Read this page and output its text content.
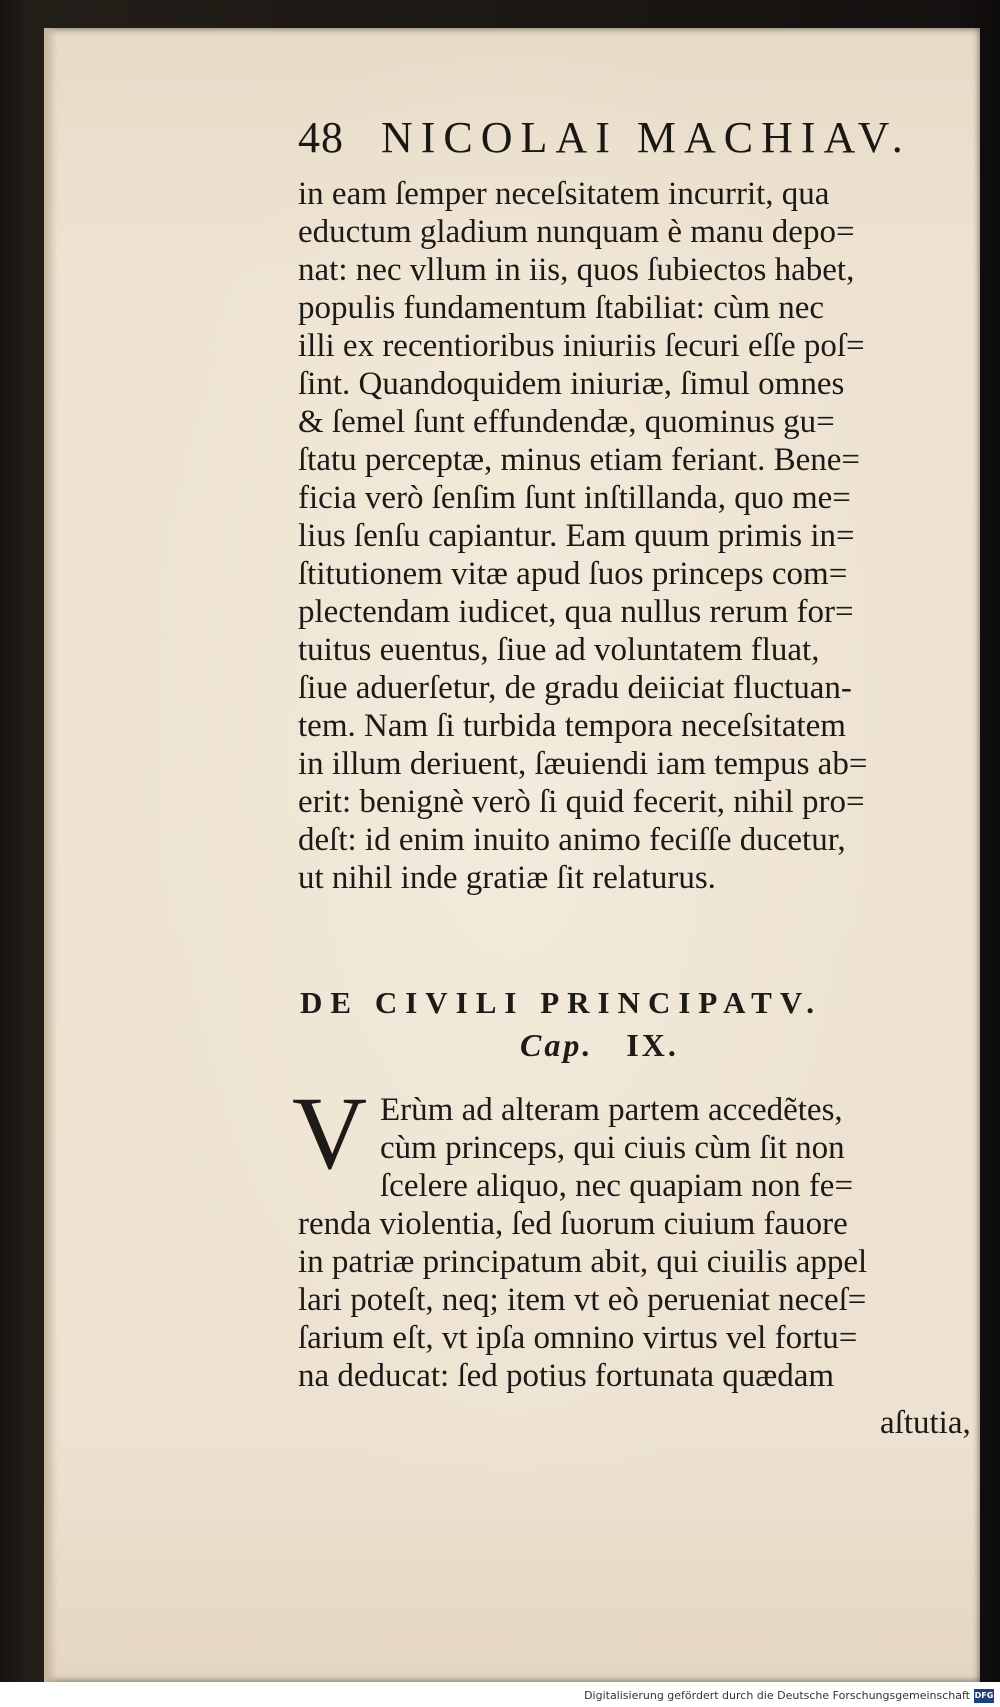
48 NICOLAI MACHIAV.
in eam ſemper neceſsitatem incurrit, qua
eductum gladium nunquam è manu depo=
nat: nec vllum in iis, quos ſubiectos habet,
populis fundamentum ſtabiliat: cùm nec
illi ex recentioribus iniuriis ſecuri eſſe poſ=
ſint. Quandoquidem iniuriæ, ſimul omnes
& ſemel ſunt effundendæ, quominus gu=
ſtatu perceptæ, minus etiam feriant. Bene=
ficia verò ſenſim ſunt inſtillanda, quo me=
lius ſenſu capiantur. Eam quum primis in=
ſtitutionem vitæ apud ſuos princeps com=
plectendam iudicet, qua nullus rerum for=
tuitus euentus, ſiue ad voluntatem fluat,
ſiue aduerſetur, de gradu deiiciat fluctuan-
tem. Nam ſi turbida tempora neceſsitatem
in illum deriuent, ſæuiendi iam tempus ab=
erit: benignè verò ſi quid fecerit, nihil pro=
deſt: id enim inuito animo feciſſe ducetur,
ut nihil inde gratiæ ſit relaturus.
DE CIVILI PRINCIPATV.
Cap. IX.
V Erùm ad alteram partem accedẽtes,
cùm princeps, qui ciuis cùm ſit non
ſcelere aliquo, nec quapiam non fe=
renda violentia, ſed ſuorum ciuium fauore
in patriæ principatum abit, qui ciuilis appel
lari poteſt, neq; item vt eò perueniat neceſ=
ſarium eſt, vt ipſa omnino virtus vel fortu=
na deducat: ſed potius fortunata quædam
aſtutia,
Digitalisierung gefördert durch die Deutsche Forschungsgemeinschaft DFG
